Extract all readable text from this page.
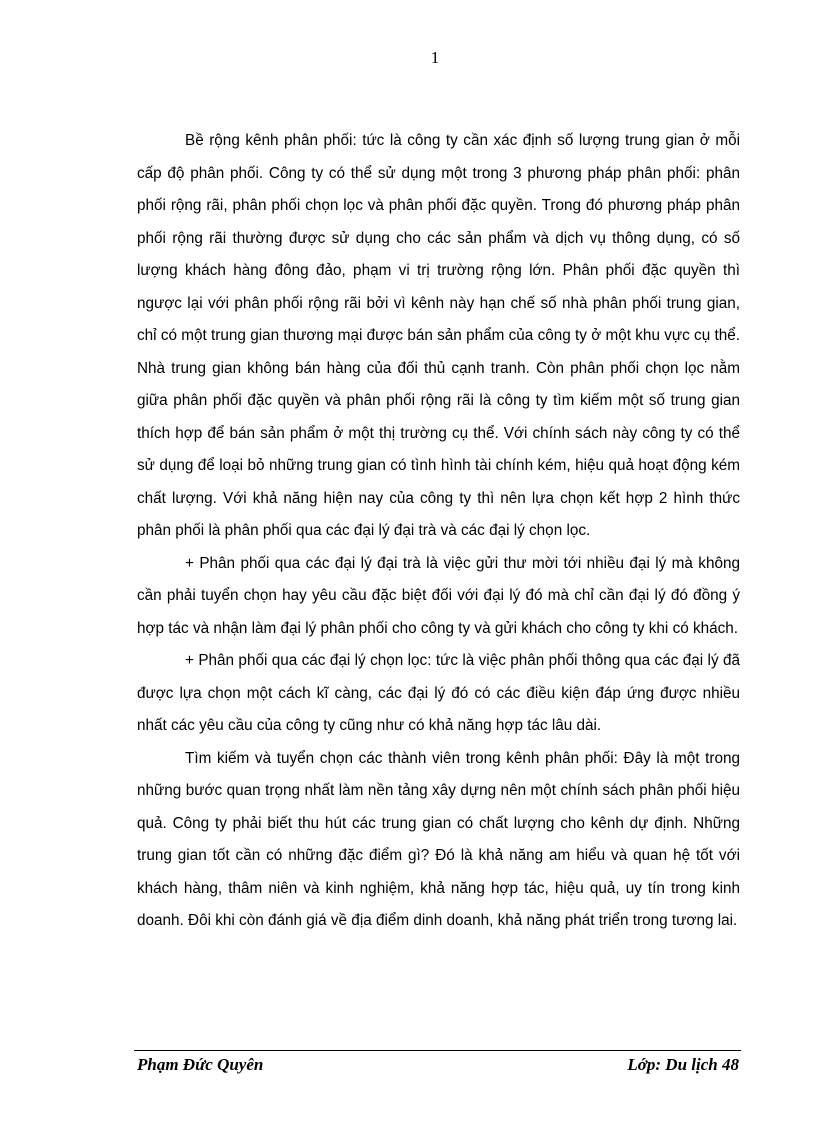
1

Bề rộng kênh phân phối: tức là công ty cần xác định số lượng trung gian ở mỗi cấp độ phân phối. Công ty có thể sử dụng một trong 3 phương pháp phân phối: phân phối rộng rãi, phân phối chọn lọc và phân phối đặc quyền. Trong đó phương pháp phân phối rộng rãi thường được sử dụng cho các sản phẩm và dịch vụ thông dụng, có số lượng khách hàng đông đảo, phạm vi trị trường rộng lớn. Phân phối đặc quyền thì ngược lại với phân phối rộng rãi bởi vì kênh này hạn chế số nhà phân phối trung gian, chỉ có một trung gian thương mại được bán sản phẩm của công ty ở một khu vực cụ thể. Nhà trung gian không bán hàng của đối thủ cạnh tranh. Còn phân phối chọn lọc nằm giữa phân phối đặc quyền và phân phối rộng rãi là công ty tìm kiếm một số trung gian thích hợp để bán sản phẩm ở một thị trường cụ thể. Với chính sách này công ty có thể sử dụng để loại bỏ những trung gian có tình hình tài chính kém, hiệu quả hoạt động kém chất lượng. Với khả năng hiện nay của công ty thì nên lựa chọn kết hợp 2 hình thức phân phối là phân phối qua các đại lý đại trà và các đại lý chọn lọc.

+ Phân phối qua các đại lý đại trà là việc gửi thư mời tới nhiều đại lý mà không cần phải tuyển chọn hay yêu cầu đặc biệt đối với đại lý đó mà chỉ cần đại lý đó đồng ý hợp tác và nhận làm đại lý phân phối cho công ty và gửi khách cho công ty khi có khách.

+ Phân phối qua các đại lý chọn lọc: tức là việc phân phối thông qua các đại lý đã được lựa chọn một cách kĩ càng, các đại lý đó có các điều kiện đáp ứng được nhiều nhất các yêu cầu của công ty cũng như có khả năng hợp tác lâu dài.

Tìm kiếm và tuyển chọn các thành viên trong kênh phân phối: Đây là một trong những bước quan trọng nhất làm nền tảng xây dựng nên một chính sách phân phối hiệu quả. Công ty phải biết thu hút các trung gian có chất lượng cho kênh dự định. Những trung gian tốt cần có những đặc điểm gì? Đó là khả năng am hiểu và quan hệ tốt với khách hàng, thâm niên và kinh nghiệm, khả năng hợp tác, hiệu quả, uy tín trong kinh doanh. Đôi khi còn đánh giá về địa điểm dinh doanh, khả năng phát triển trong tương lai.

Phạm Đức Quyên	Lớp: Du lịch 48
